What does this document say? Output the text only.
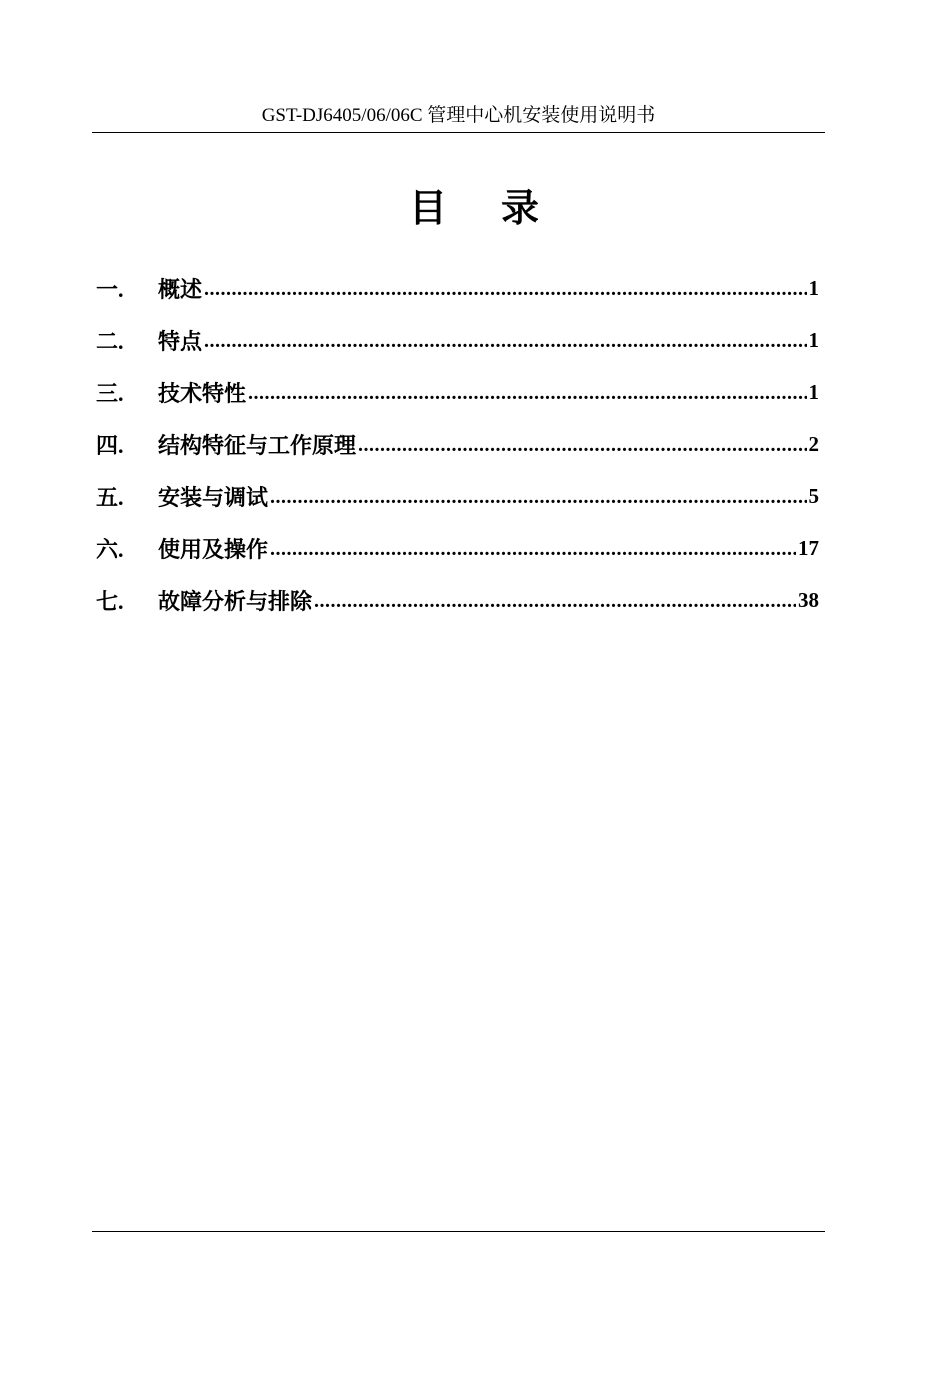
GST-DJ6405/06/06C 管理中心机安装使用说明书
目 录
一.	概述 .....	1
二.	特点 .....	1
三.	技术特性 .....	1
四.	结构特征与工作原理 .....	2
五.	安装与调试 .....	5
六.	使用及操作 .....	17
七.	故障分析与排除 .....	38
